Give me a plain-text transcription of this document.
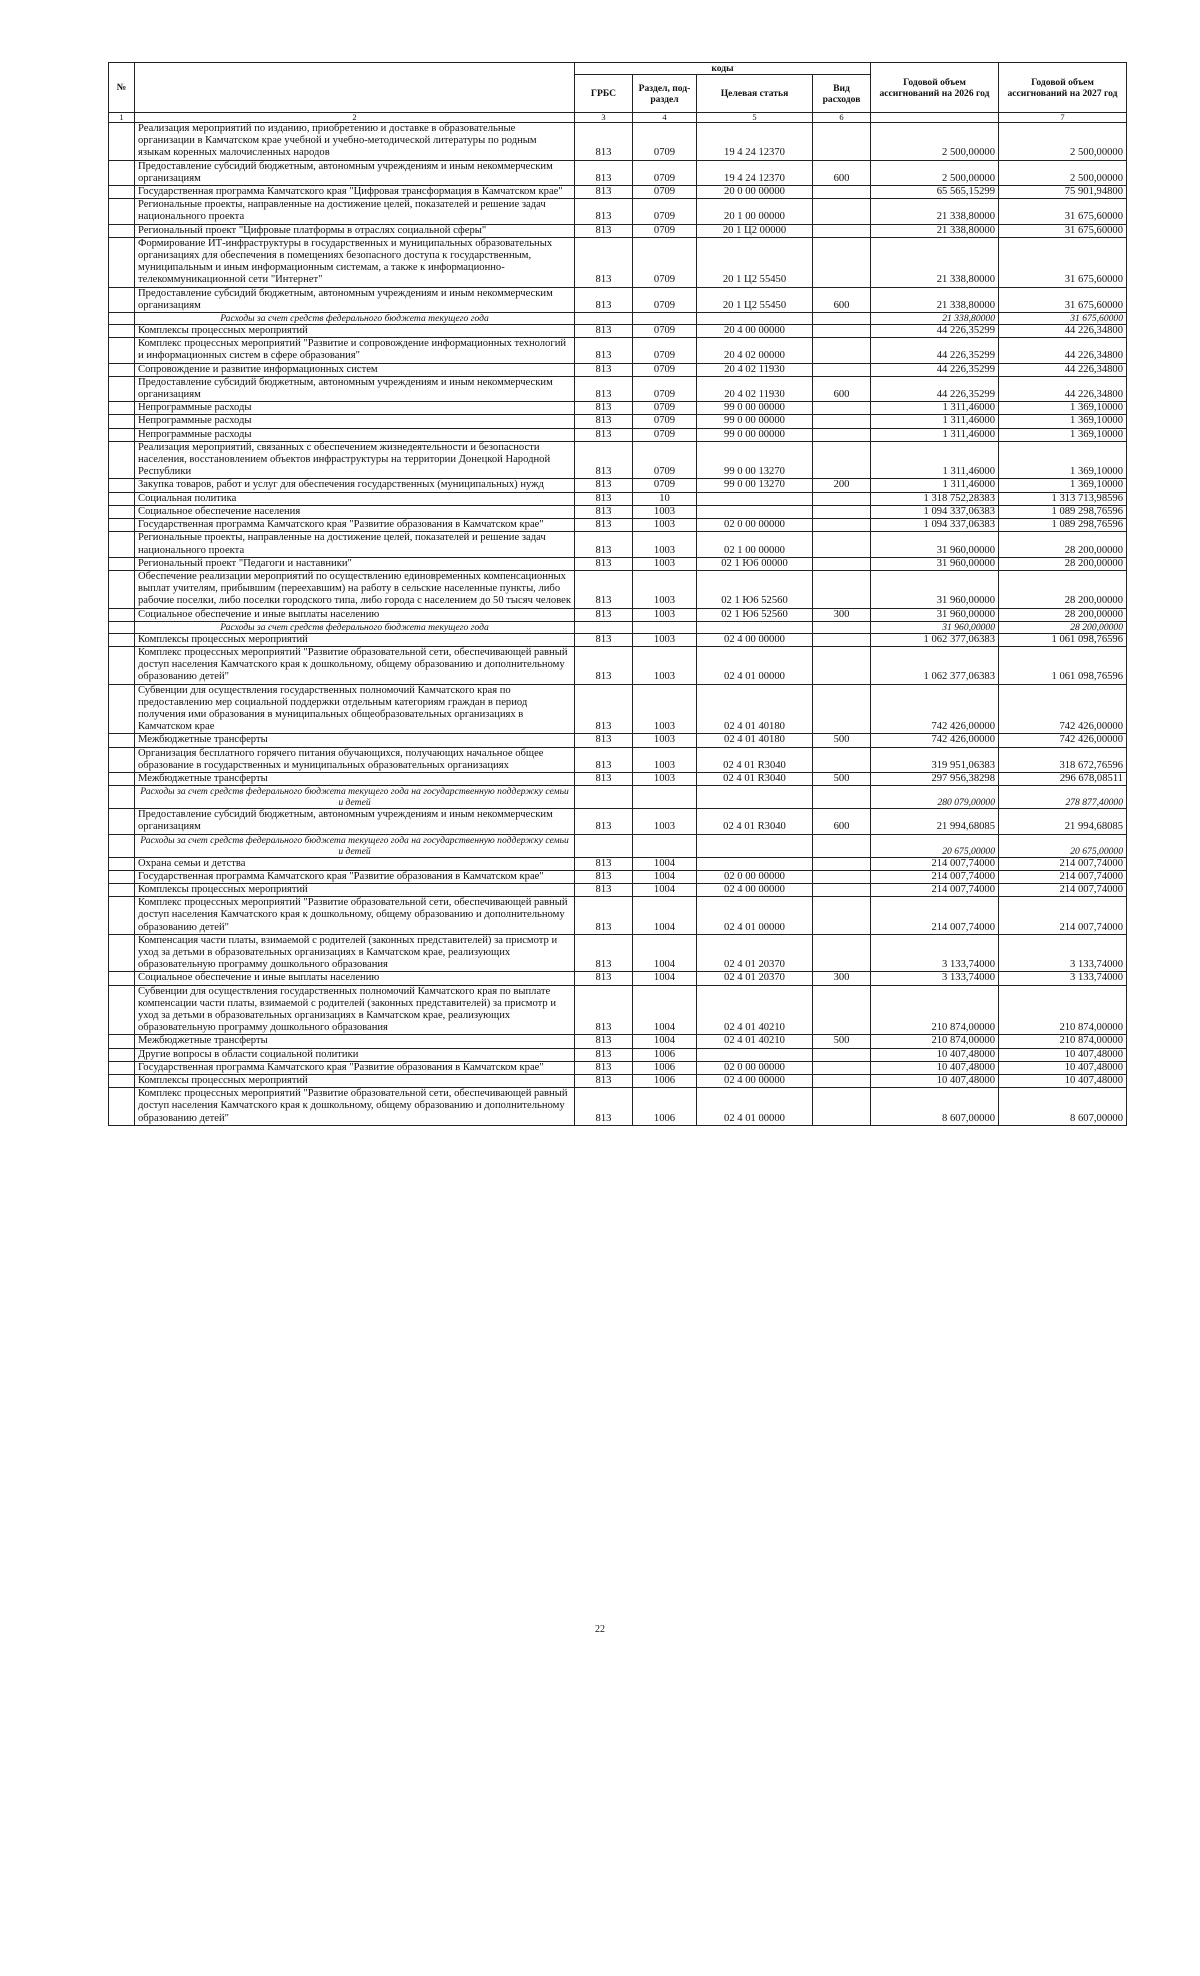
№		коды				Годовой объем ассигнований на 2026 год	Годовой объем ассигнований на 2027 год
		ГРБС	Раздел, под-раздел	Целевая статья	Вид расходов		
1	2	3	4	5	6		7
	Реализация мероприятий по изданию, приобретению и доставке в образовательные организации в Камчатском крае учебной и учебно-методической литературы по родным языкам коренных малочисленных народов	813	0709	19 4 24 12370		2 500,00000	2 500,00000
	Предоставление субсидий бюджетным, автономным учреждениям и иным некоммерческим организациям	813	0709	19 4 24 12370	600	2 500,00000	2 500,00000
	Государственная программа Камчатского края "Цифровая трансформация в Камчатском крае"	813	0709	20 0 00 00000		65 565,15299	75 901,94800
	Региональные проекты, направленные на достижение целей, показателей и решение задач национального проекта	813	0709	20 1 00 00000		21 338,80000	31 675,60000
	Региональный проект "Цифровые платформы в отраслях социальной сферы"	813	0709	20 1 Ц2 00000		21 338,80000	31 675,60000
	Формирование ИТ-инфраструктуры в государственных и муниципальных образовательных организациях для обеспечения в помещениях безопасного доступа к государственным, муниципальным и иным информационным системам, а также к информационно-телекоммуникационной сети "Интернет"	813	0709	20 1 Ц2 55450		21 338,80000	31 675,60000
	Предоставление субсидий бюджетным, автономным учреждениям и иным некоммерческим организациям	813	0709	20 1 Ц2 55450	600	21 338,80000	31 675,60000
	Расходы за счет средств федерального бюджета текущего года					21 338,80000	31 675,60000
	Комплексы процессных мероприятий	813	0709	20 4 00 00000		44 226,35299	44 226,34800
	Комплекс процессных мероприятий "Развитие и сопровождение информационных технологий и информационных систем в сфере образования"	813	0709	20 4 02 00000		44 226,35299	44 226,34800
	Сопровождение и развитие информационных систем	813	0709	20 4 02 11930		44 226,35299	44 226,34800
	Предоставление субсидий бюджетным, автономным учреждениям и иным некоммерческим организациям	813	0709	20 4 02 11930	600	44 226,35299	44 226,34800
	Непрограммные расходы	813	0709	99 0 00 00000		1 311,46000	1 369,10000
	Непрограммные расходы	813	0709	99 0 00 00000		1 311,46000	1 369,10000
	Непрограммные расходы	813	0709	99 0 00 00000		1 311,46000	1 369,10000
	Реализация мероприятий, связанных с обеспечением жизнедеятельности и безопасности населения, восстановлением объектов инфраструктуры на территории Донецкой Народной Республики	813	0709	99 0 00 13270		1 311,46000	1 369,10000
	Закупка товаров, работ и услуг для обеспечения государственных (муниципальных) нужд	813	0709	99 0 00 13270	200	1 311,46000	1 369,10000
	Социальная политика	813	10			1 318 752,28383	1 313 713,98596
	Социальное обеспечение населения	813	1003			1 094 337,06383	1 089 298,76596
	Государственная программа Камчатского края "Развитие образования в Камчатском крае"	813	1003	02 0 00 00000		1 094 337,06383	1 089 298,76596
	Региональные проекты, направленные на достижение целей, показателей и решение задач национального проекта	813	1003	02 1 00 00000		31 960,00000	28 200,00000
	Региональный проект "Педагоги и наставники"	813	1003	02 1 Ю6 00000		31 960,00000	28 200,00000
	Обеспечение реализации мероприятий по осуществлению единовременных компенсационных выплат учителям, прибывшим (переехавшим) на работу в сельские населенные пункты, либо рабочие поселки, либо поселки городского типа, либо города с населением до 50 тысяч человек	813	1003	02 1 Ю6 52560		31 960,00000	28 200,00000
	Социальное обеспечение и иные выплаты населению	813	1003	02 1 Ю6 52560	300	31 960,00000	28 200,00000
	Расходы за счет средств федерального бюджета текущего года					31 960,00000	28 200,00000
	Комплексы процессных мероприятий	813	1003	02 4 00 00000		1 062 377,06383	1 061 098,76596
	Комплекс процессных мероприятий "Развитие образовательной сети, обеспечивающей равный доступ населения Камчатского края к дошкольному, общему образованию и дополнительному образованию детей"	813	1003	02 4 01 00000		1 062 377,06383	1 061 098,76596
	Субвенции для осуществления государственных полномочий Камчатского края по предоставлению мер социальной поддержки отдельным категориям граждан в период получения ими образования в муниципальных общеобразовательных организациях в Камчатском крае	813	1003	02 4 01 40180		742 426,00000	742 426,00000
	Межбюджетные трансферты	813	1003	02 4 01 40180	500	742 426,00000	742 426,00000
	Организация бесплатного горячего питания обучающихся, получающих начальное общее образование в государственных и муниципальных образовательных организациях	813	1003	02 4 01 R3040		319 951,06383	318 672,76596
	Межбюджетные трансферты	813	1003	02 4 01 R3040	500	297 956,38298	296 678,08511
	Расходы за счет средств федерального бюджета текущего года на государственную поддержку семьи и детей					280 079,00000	278 877,40000
	Предоставление субсидий бюджетным, автономным учреждениям и иным некоммерческим организациям	813	1003	02 4 01 R3040	600	21 994,68085	21 994,68085
	Расходы за счет средств федерального бюджета текущего года на государственную поддержку семьи и детей					20 675,00000	20 675,00000
	Охрана семьи и детства	813	1004			214 007,74000	214 007,74000
	Государственная программа Камчатского края "Развитие образования в Камчатском крае"	813	1004	02 0 00 00000		214 007,74000	214 007,74000
	Комплексы процессных мероприятий	813	1004	02 4 00 00000		214 007,74000	214 007,74000
	Комплекс процессных мероприятий "Развитие образовательной сети, обеспечивающей равный доступ населения Камчатского края к дошкольному, общему образованию и дополнительному образованию детей"	813	1004	02 4 01 00000		214 007,74000	214 007,74000
	Компенсация части платы, взимаемой с родителей (законных представителей) за присмотр и уход за детьми в образовательных организациях в Камчатском крае, реализующих образовательную программу дошкольного образования	813	1004	02 4 01 20370		3 133,74000	3 133,74000
	Социальное обеспечение и иные выплаты населению	813	1004	02 4 01 20370	300	3 133,74000	3 133,74000
	Субвенции для осуществления государственных полномочий Камчатского края по выплате компенсации части платы, взимаемой с родителей (законных представителей) за присмотр и уход за детьми в образовательных организациях в Камчатском крае, реализующих образовательную программу дошкольного образования	813	1004	02 4 01 40210		210 874,00000	210 874,00000
	Межбюджетные трансферты	813	1004	02 4 01 40210	500	210 874,00000	210 874,00000
	Другие вопросы в области социальной политики	813	1006			10 407,48000	10 407,48000
	Государственная программа Камчатского края "Развитие образования в Камчатском крае"	813	1006	02 0 00 00000		10 407,48000	10 407,48000
	Комплексы процессных мероприятий	813	1006	02 4 00 00000		10 407,48000	10 407,48000
	Комплекс процессных мероприятий "Развитие образовательной сети, обеспечивающей равный доступ населения Камчатского края к дошкольному, общему образованию и дополнительному образованию детей"	813	1006	02 4 01 00000		8 607,00000	8 607,00000
22
